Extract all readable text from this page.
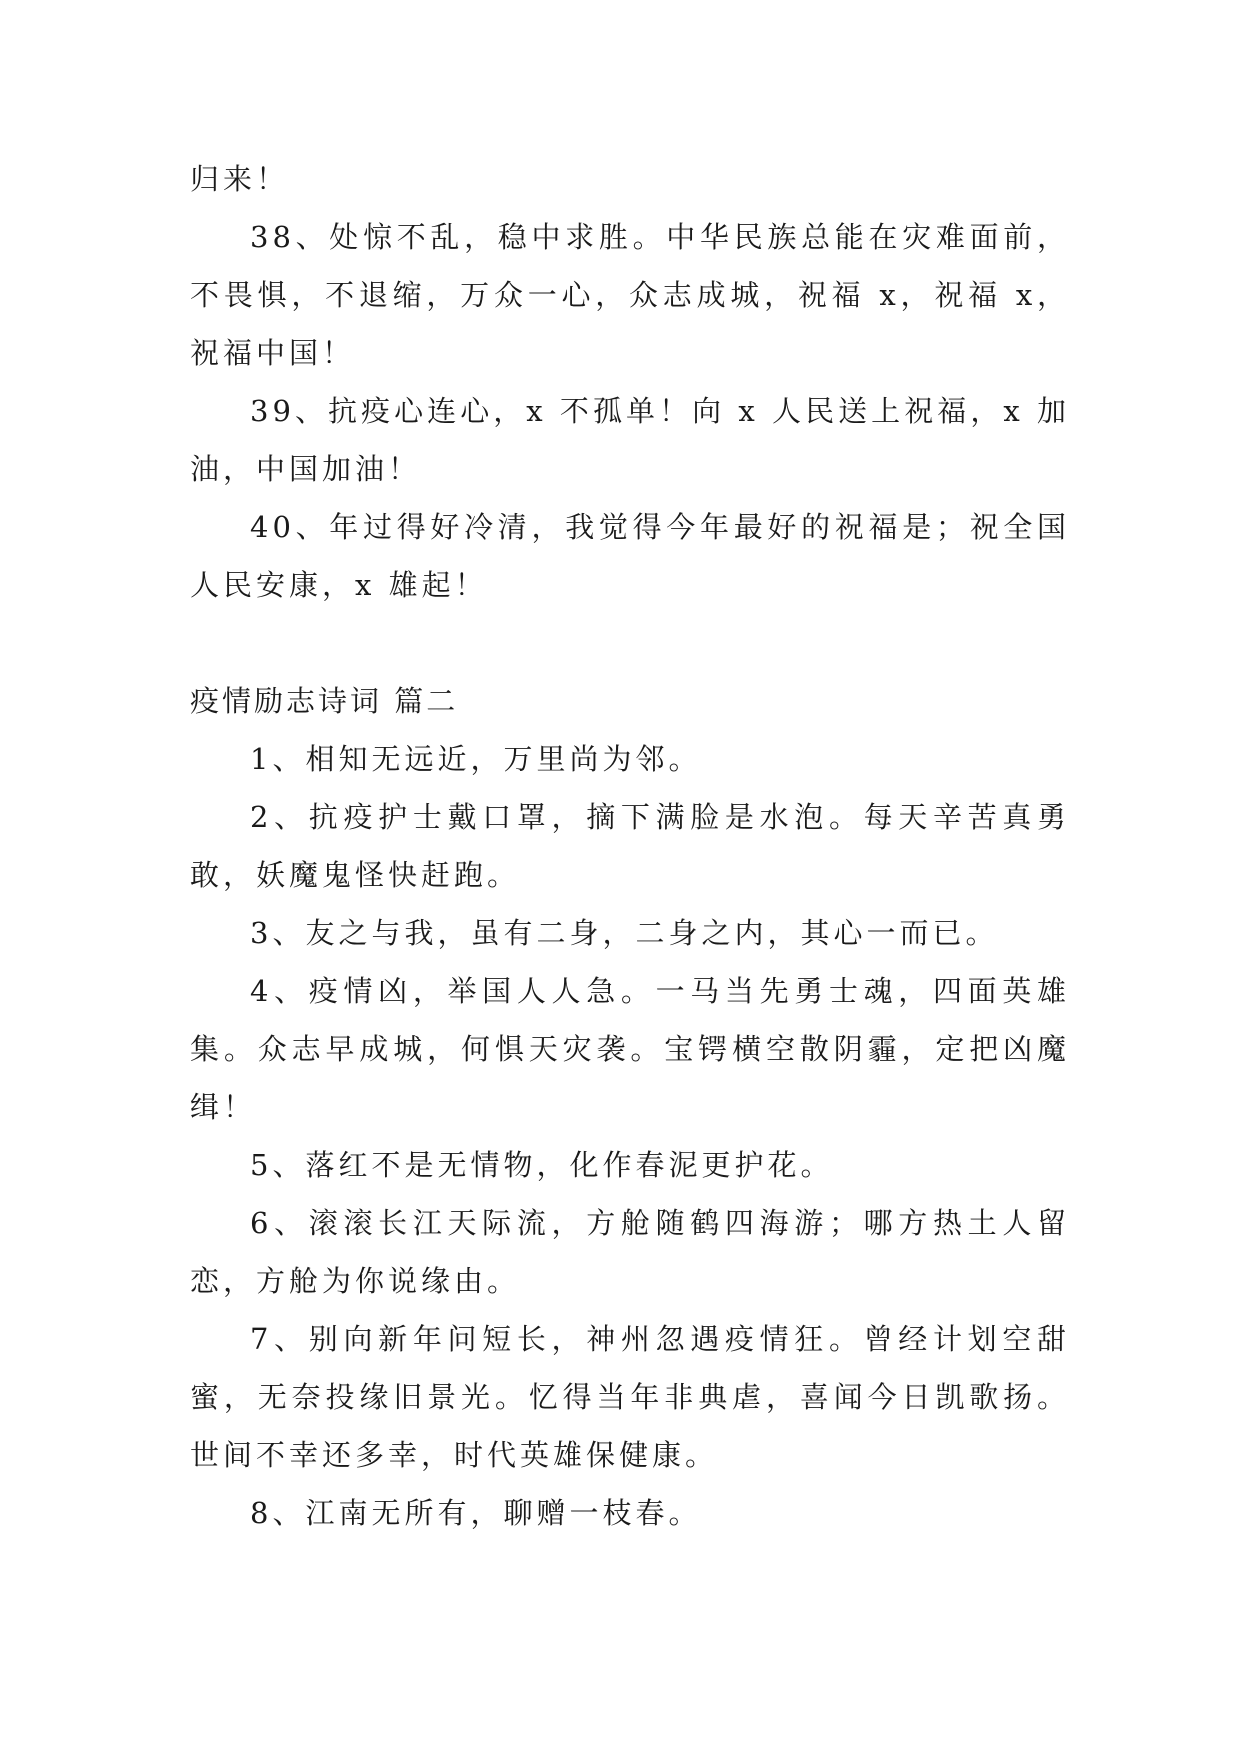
归来！

38、处惊不乱，稳中求胜。中华民族总能在灾难面前，不畏惧，不退缩，万众一心，众志成城，祝福 x，祝福 x，祝福中国！

39、抗疫心连心，x 不孤单！向 x 人民送上祝福，x 加油，中国加油！

40、年过得好冷清，我觉得今年最好的祝福是；祝全国人民安康，x 雄起！

疫情励志诗词 篇二

1、相知无远近，万里尚为邻。

2、抗疫护士戴口罩，摘下满脸是水泡。每天辛苦真勇敢，妖魔鬼怪快赶跑。

3、友之与我，虽有二身，二身之内，其心一而已。

4、疫情凶，举国人人急。一马当先勇士魂，四面英雄集。众志早成城，何惧天灾袭。宝锷横空散阴霾，定把凶魔缉！

5、落红不是无情物，化作春泥更护花。

6、滚滚长江天际流，方舱随鹤四海游；哪方热土人留恋，方舱为你说缘由。

7、别向新年问短长，神州忽遇疫情狂。曾经计划空甜蜜，无奈投缘旧景光。忆得当年非典虐，喜闻今日凯歌扬。世间不幸还多幸，时代英雄保健康。

8、江南无所有，聊赠一枝春。
